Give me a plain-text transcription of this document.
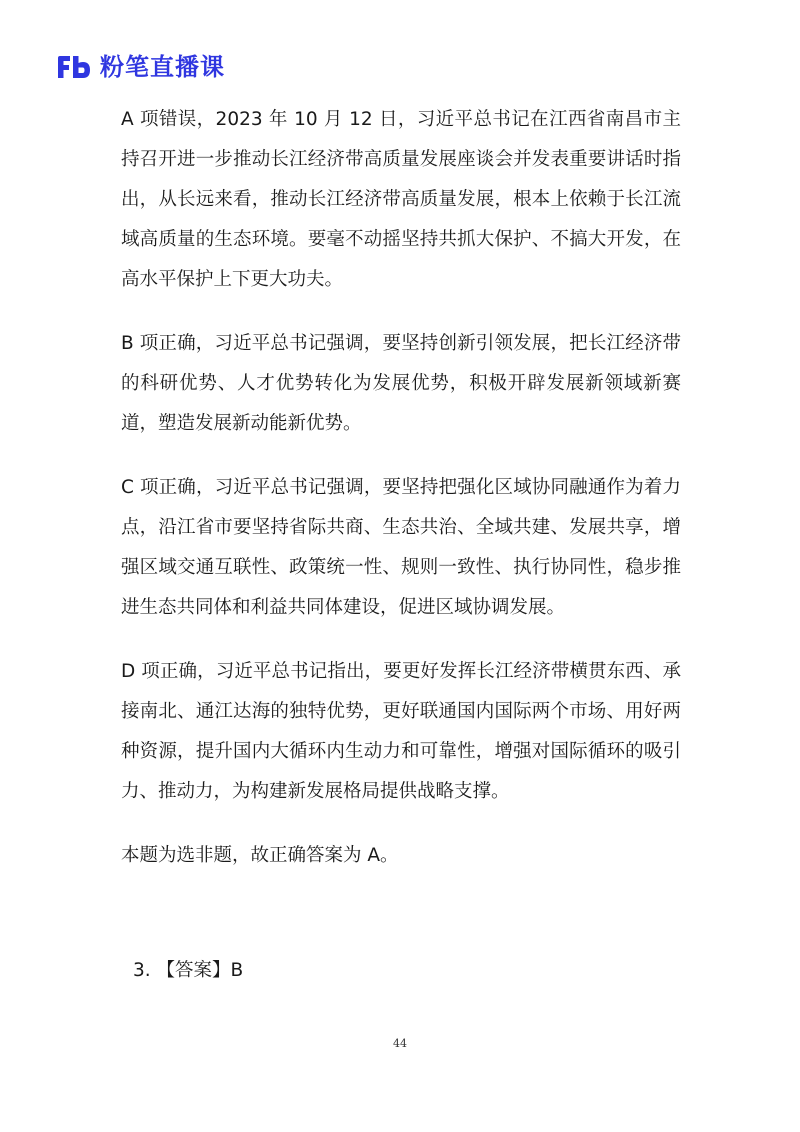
粉笔直播课

A 项错误，2023 年 10 月 12 日，习近平总书记在江西省南昌市主持召开进一步推动长江经济带高质量发展座谈会并发表重要讲话时指出，从长远来看，推动长江经济带高质量发展，根本上依赖于长江流域高质量的生态环境。要毫不动摇坚持共抓大保护、不搞大开发，在高水平保护上下更大功夫。

B 项正确，习近平总书记强调，要坚持创新引领发展，把长江经济带的科研优势、人才优势转化为发展优势，积极开辟发展新领域新赛道，塑造发展新动能新优势。

C 项正确，习近平总书记强调，要坚持把强化区域协同融通作为着力点，沿江省市要坚持省际共商、生态共治、全域共建、发展共享，增强区域交通互联性、政策统一性、规则一致性、执行协同性，稳步推进生态共同体和利益共同体建设，促进区域协调发展。

D 项正确，习近平总书记指出，要更好发挥长江经济带横贯东西、承接南北、通江达海的独特优势，更好联通国内国际两个市场、用好两种资源，提升国内大循环内生动力和可靠性，增强对国际循环的吸引力、推动力，为构建新发展格局提供战略支撑。

本题为选非题，故正确答案为 A。

3. 【答案】B
44
